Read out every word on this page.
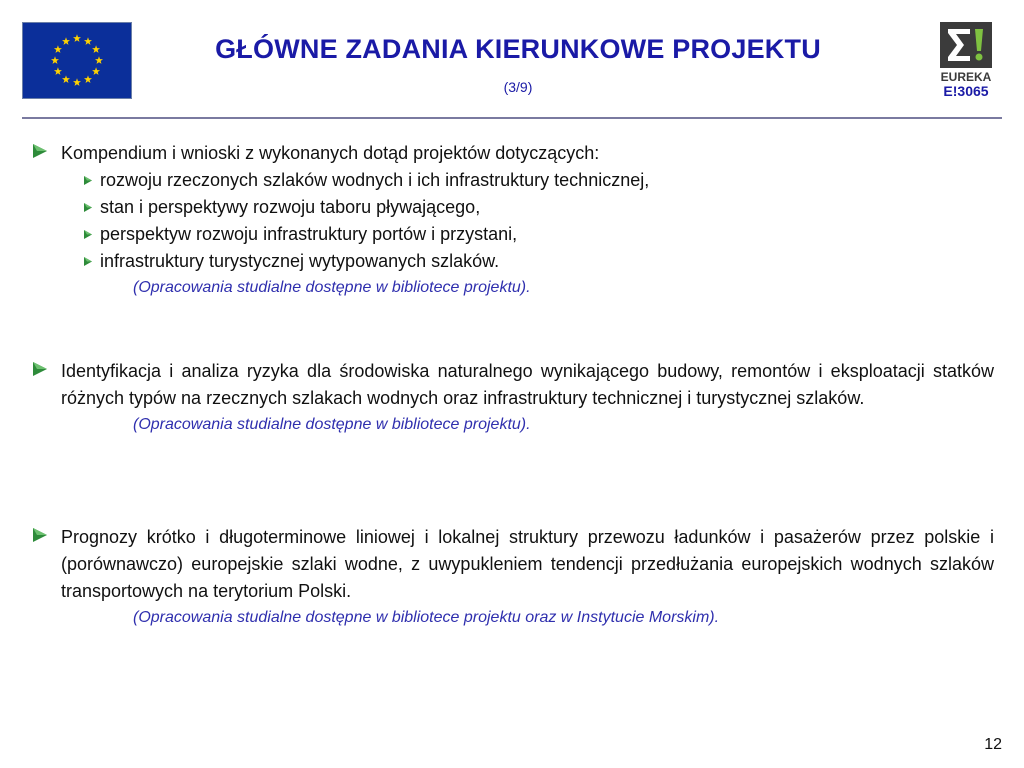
GŁÓWNE ZADANIA KIERUNKOWE PROJEKTU
(3/9)
EUREKA
E!3065
Kompendium i wnioski z wykonanych dotąd projektów dotyczących:
rozwoju rzeczonych szlaków wodnych i ich infrastruktury technicznej,
stan i perspektywy rozwoju taboru pływającego,
perspektyw rozwoju infrastruktury portów i przystani,
infrastruktury turystycznej wytypowanych szlaków.
(Opracowania studialne dostępne w bibliotece projektu).
Identyfikacja i analiza ryzyka dla środowiska naturalnego wynikającego budowy, remontów i eksploatacji statków różnych typów na rzecznych szlakach wodnych oraz infrastruktury technicznej i turystycznej szlaków.
(Opracowania studialne dostępne w bibliotece projektu).
Prognozy krótko i długoterminowe liniowej i lokalnej struktury przewozu ładunków i pasażerów przez polskie i (porównawczo) europejskie szlaki wodne, z uwypukleniem tendencji przedłużania europejskich wodnych szlaków transportowych na terytorium Polski.
(Opracowania studialne dostępne w bibliotece projektu oraz w Instytucie Morskim).
12
